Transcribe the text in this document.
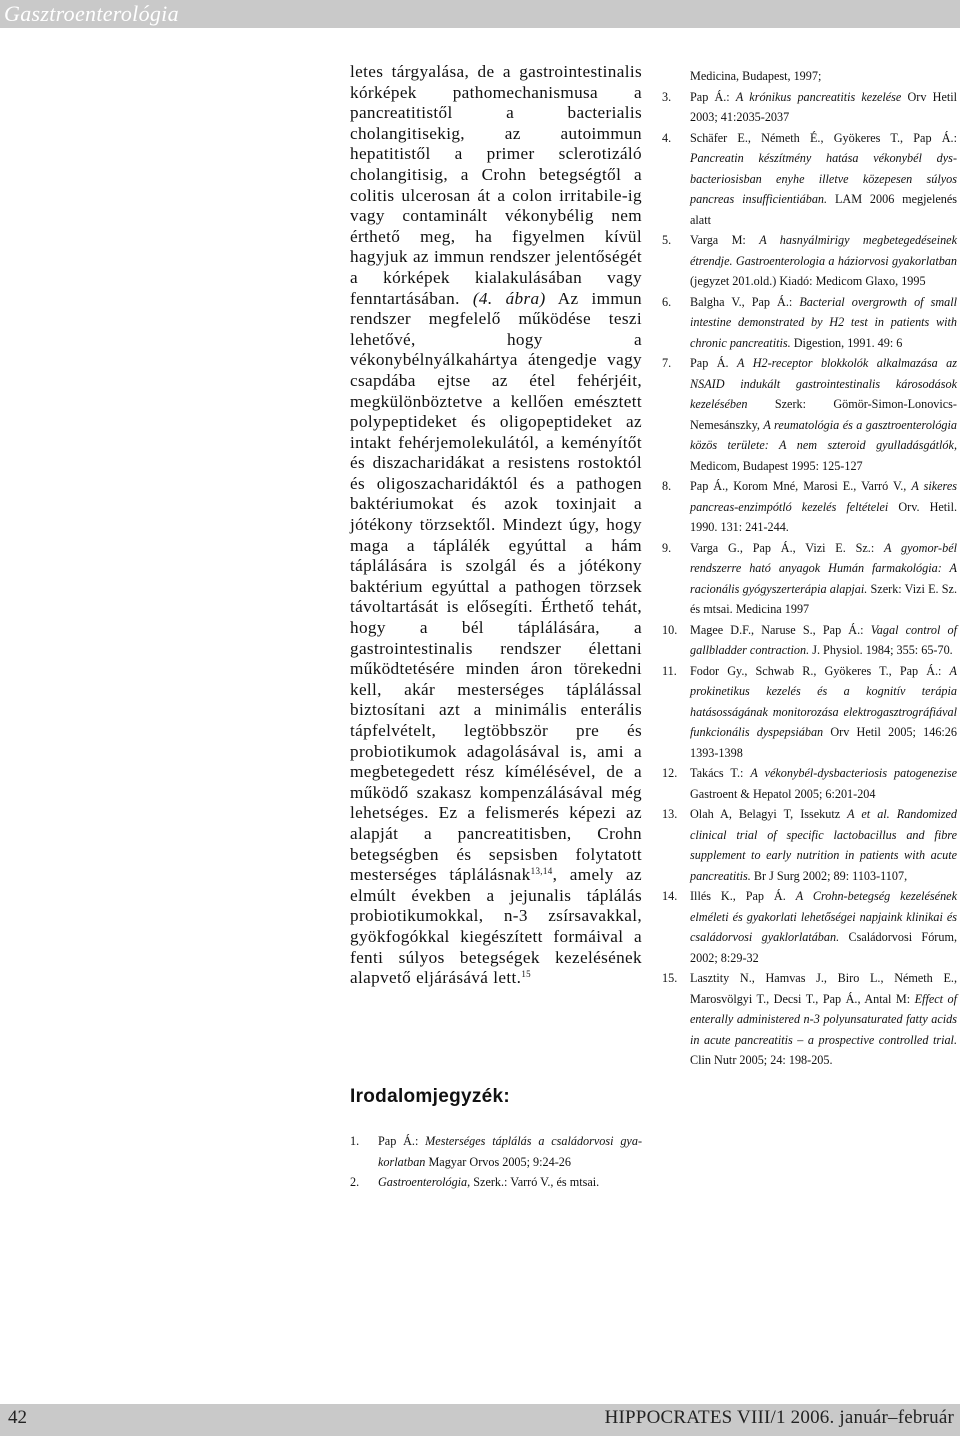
Gasztroenterológia

letes tárgyalása, de a gastrointestinalis kórképek pathomechanismusa a pancreatitistől a bacterialis cholangitisekig, az autoimmun hepatitistől a primer sclerotizáló cholangitisig, a Crohn betegségtől a colitis ulcerosan át a colon irritabile-ig vagy contaminált vékonybélig nem érthető meg, ha figyelmen kívül hagyjuk az immun rendszer jelentőségét a kórképek kialakulásában vagy fenntartásában. (4. ábra) Az immun rendszer megfelelő működése teszi lehetővé, hogy a vékonybélnyálkahártya átengedje vagy csapdába ejtse az étel fehérjéit, megkülönböztetve a kellően emésztett polypeptideket és oligopeptideket az intakt fehérjemolekulától, a keményítőt és diszacharidákat a resistens rostoktól és oligoszacharidáktól és a pathogen baktériumokat és azok toxinjait a jótékony törzsektől. Mindezt úgy, hogy maga a táplálék egyúttal a hám táplálására is szolgál és a jótékony baktérium egyúttal a pathogen törzsek távoltartását is elősegíti. Érthető tehát, hogy a bél táplálására, a gastrointestinalis rendszer élettani működtetésére minden áron törekedni kell, akár mesterséges táplálással biztosítani azt a minimális enterális tápfelvételt, legtöbbször pre és probiotikumok adagolásával is, ami a megbetegedett rész kímélésével, de a működő szakasz kompenzálásával még lehetséges. Ez a felismerés képezi az alapját a pancreatitisben, Crohn betegségben és sepsisben folytatott mesterséges táplálásnak$^{13,14}$, amely az elmúlt években a jejunalis táplálás probiotikumokkal, n-3 zsírsavakkal, gyökfogókkal kiegészített formáival a fenti súlyos betegségek kezelésének alapvető eljárásává lett.$^{15}$

Irodalomjegyzék:
1. Pap Á.: Mesterséges táplálás a családorvosi gyakorlatban Magyar Orvos 2005; 9:24-26
2. Gastroenterológia, Szerk.: Varró V., és mtsai.
Medicina, Budapest, 1997;
3. Pap Á.: A krónikus pancreatitis kezelése Orv Hetil 2003; 41:2035-2037
4. Schäfer E., Németh É., Gyökeres T., Pap Á.: Pancreatin készítmény hatása vékonybél dysbacteriosisban enyhe illetve közepesen súlyos pancreas insufficientiában. LAM 2006 megjelenés alatt
5. Varga M: A hasnyálmirigy megbetegedéseinek étrendje. Gastroenterologia a háziorvosi gyakorlatban (jegyzet 201.old.) Kiadó: Medicom Glaxo, 1995
6. Balgha V., Pap Á.: Bacterial overgrowth of small intestine demonstrated by H2 test in patients with chronic pancreatitis. Digestion, 1991. 49: 6
7. Pap Á. A H2-receptor blokkolók alkalmazása az NSAID indukált gastrointestinalis károsodások kezelésében Szerk: Gömör-Simon-Lonovics-Nemesánszky, A reumatológia és a gasztroenterológia közös területe: A nem szteroid gyulladásgátlók, Medicom, Budapest 1995: 125-127
8. Pap Á., Korom Mné, Marosi E., Varró V., A sikeres pancreas-enzimpótló kezelés feltételei Orv. Hetil. 1990. 131: 241-244.
9. Varga G., Pap Á., Vizi E. Sz.: A gyomor-bél rendszerre ható anyagok Humán farmakológia: A racionális gyógyszerterápia alapjai. Szerk: Vizi E. Sz. és mtsai. Medicina 1997
10. Magee D.F., Naruse S., Pap Á.: Vagal control of gallbladder contraction. J. Physiol. 1984; 355: 65-70.
11. Fodor Gy., Schwab R., Gyökeres T., Pap Á.: A prokinetikus kezelés és a kognitív terápia hatásosságának monitorozása elektrogasztrográfiával funkcionális dyspepsiában Orv Hetil 2005; 146:26 1393-1398
12. Takács T.: A vékonybél-dysbacteriosis patogenezise Gastroent & Hepatol 2005; 6:201-204
13. Olah A, Belagyi T, Issekutz A et al. Randomized clinical trial of specific lactobacillus and fibre supplement to early nutrition in patients with acute pancreatitis. Br J Surg 2002; 89: 1103-1107,
14. Illés K., Pap Á. A Crohn-betegség kezelésének elméleti és gyakorlati lehetőségei napjaink klinikai és családorvosi gyaklorlatában. Családorvosi Fórum, 2002; 8:29-32
15. Lasztity N., Hamvas J., Biro L., Németh E., Marosvölgyi T., Decsi T., Pap Á., Antal M: Effect of enterally administered n-3 polyunsaturated fatty acids in acute pancreatitis – a prospective controlled trial. Clin Nutr 2005; 24: 198-205.
42	HIPPOCRATES VIII/1 2006. január–február
